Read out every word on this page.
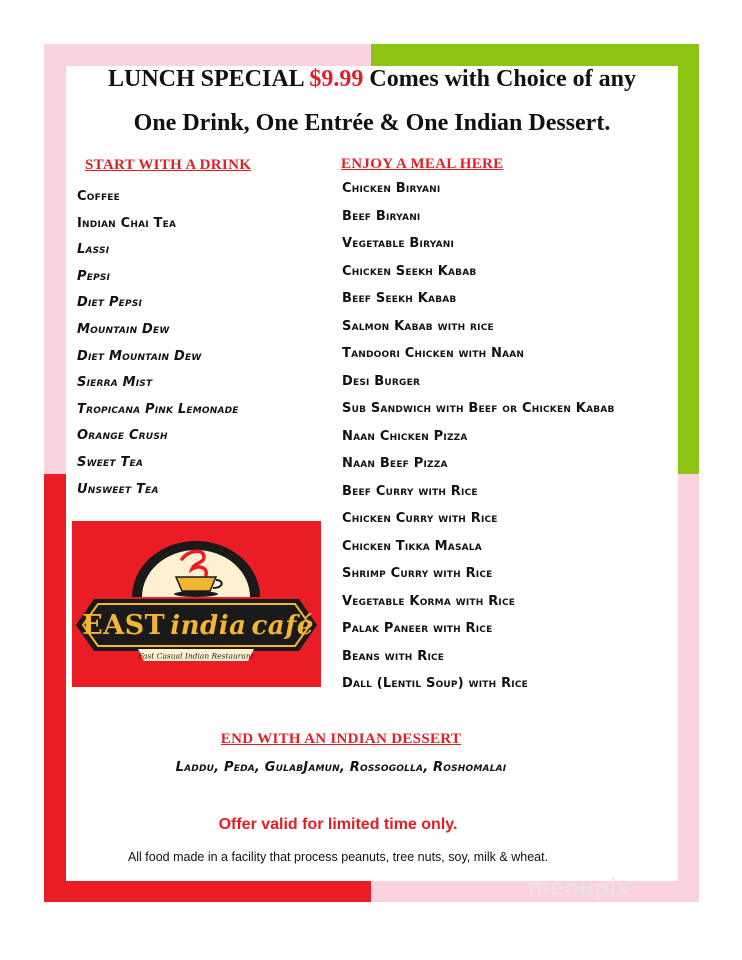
LUNCH SPECIAL $9.99 Comes with Choice of any
One Drink, One Entrée & One Indian Dessert.
START WITH A DRINK	ENJOY A MEAL HERE
Coffee
Indian Chai Tea
Lassi
Pepsi
Diet Pepsi
Mountain Dew
Diet Mountain Dew
Sierra Mist
Tropicana Pink Lemonade
Orange Crush
Sweet Tea
Unsweet Tea
Chicken Biryani
Beef Biryani
Vegetable Biryani
Chicken Seekh Kabab
Beef Seekh Kabab
Salmon Kabab with rice
Tandoori Chicken with Naan
Desi Burger
Sub Sandwich with Beef or Chicken Kabab
Naan Chicken Pizza
Naan Beef Pizza
Beef Curry with Rice
Chicken Curry with Rice
Chicken Tikka Masala
Shrimp Curry with Rice
Vegetable Korma with Rice
Palak Paneer with Rice
Beans with Rice
Dall (Lentil Soup) with Rice
EAST india café
Fast Casual Indian Restaurant
END WITH AN INDIAN DESSERT
Laddu, Peda, GulabJamun, Rossogolla, Roshomalai
Offer valid for limited time only.
All food made in a facility that process peanuts, tree nuts, soy, milk & wheat.
menupix
